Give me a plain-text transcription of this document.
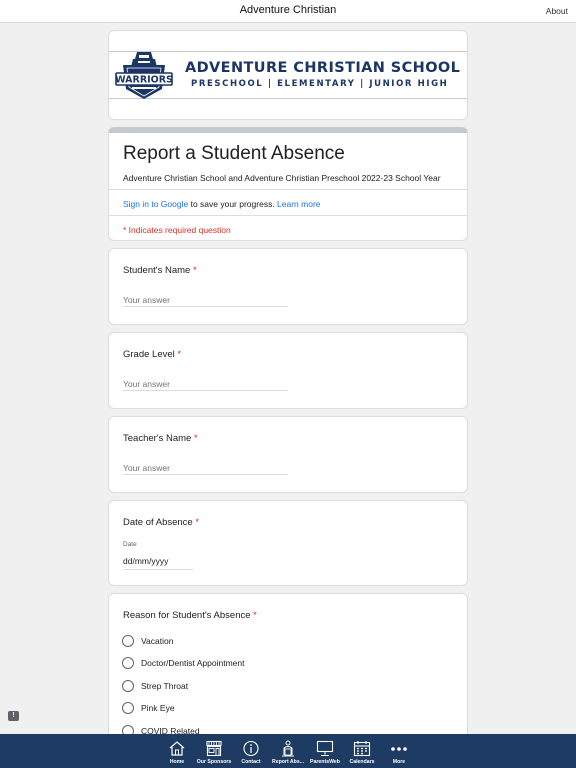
Adventure Christian	About
WARRIORS
ADVENTURE CHRISTIAN SCHOOL
PRESCHOOL | ELEMENTARY | JUNIOR HIGH
Report a Student Absence
Adventure Christian School and Adventure Christian Preschool 2022-23 School Year
Sign in to Google to save your progress. Learn more
* Indicates required question
Student's Name *
Your answer
Grade Level *
Your answer
Teacher's Name *
Your answer
Date of Absence *
Date
dd/mm/yyyy
Reason for Student's Absence *
Vacation
Doctor/Dentist Appointment
Strep Throat
Pink Eye
COVID Related
!
Home	Our Sponsors	Contact	Report Abs...	ParentsWeb	Calendars	More
